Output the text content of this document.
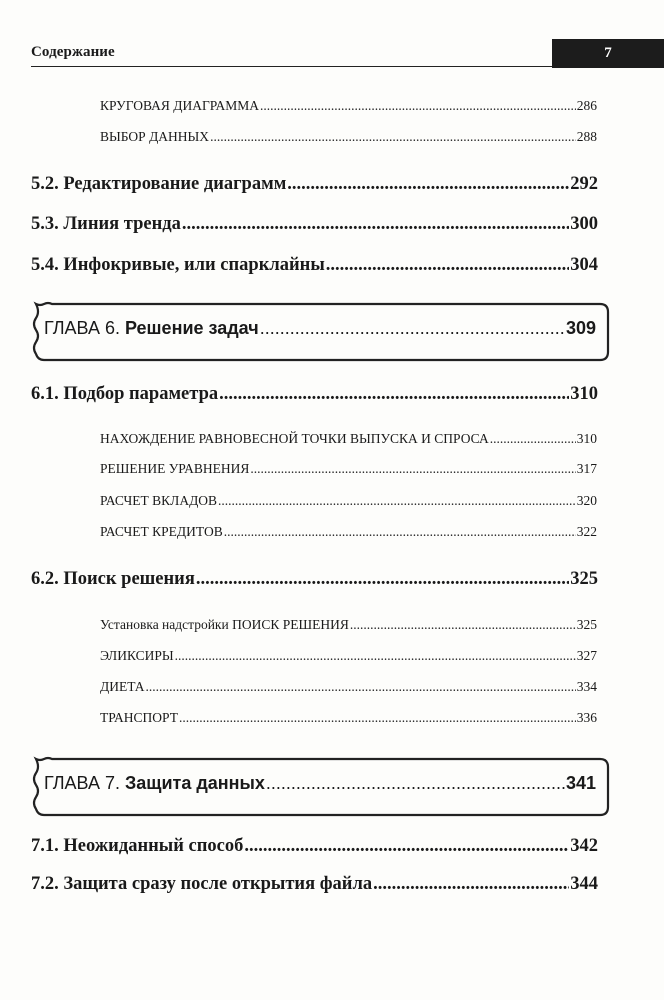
Содержание	7
КРУГОВАЯ ДИАГРАММА .....	286
ВЫБОР ДАННЫХ .....	288
5.2. Редактирование диаграмм .....	292
5.3. Линия тренда .....	300
5.4. Инфокривые, или спарклайны .....	304
ГЛАВА 6. Решение задач .....	309
6.1. Подбор параметра .....	310
НАХОЖДЕНИЕ РАВНОВЕСНОЙ ТОЧКИ ВЫПУСКА И СПРОСА .....	310
РЕШЕНИЕ УРАВНЕНИЯ .....	317
РАСЧЕТ ВКЛАДОВ .....	320
РАСЧЕТ КРЕДИТОВ .....	322
6.2. Поиск решения .....	325
Установка надстройки ПОИСК РЕШЕНИЯ .....	325
ЭЛИКСИРЫ .....	327
ДИЕТА .....	334
ТРАНСПОРТ .....	336
ГЛАВА 7. Защита данных .....	341
7.1. Неожиданный способ .....	342
7.2. Защита сразу после открытия файла .....	344
